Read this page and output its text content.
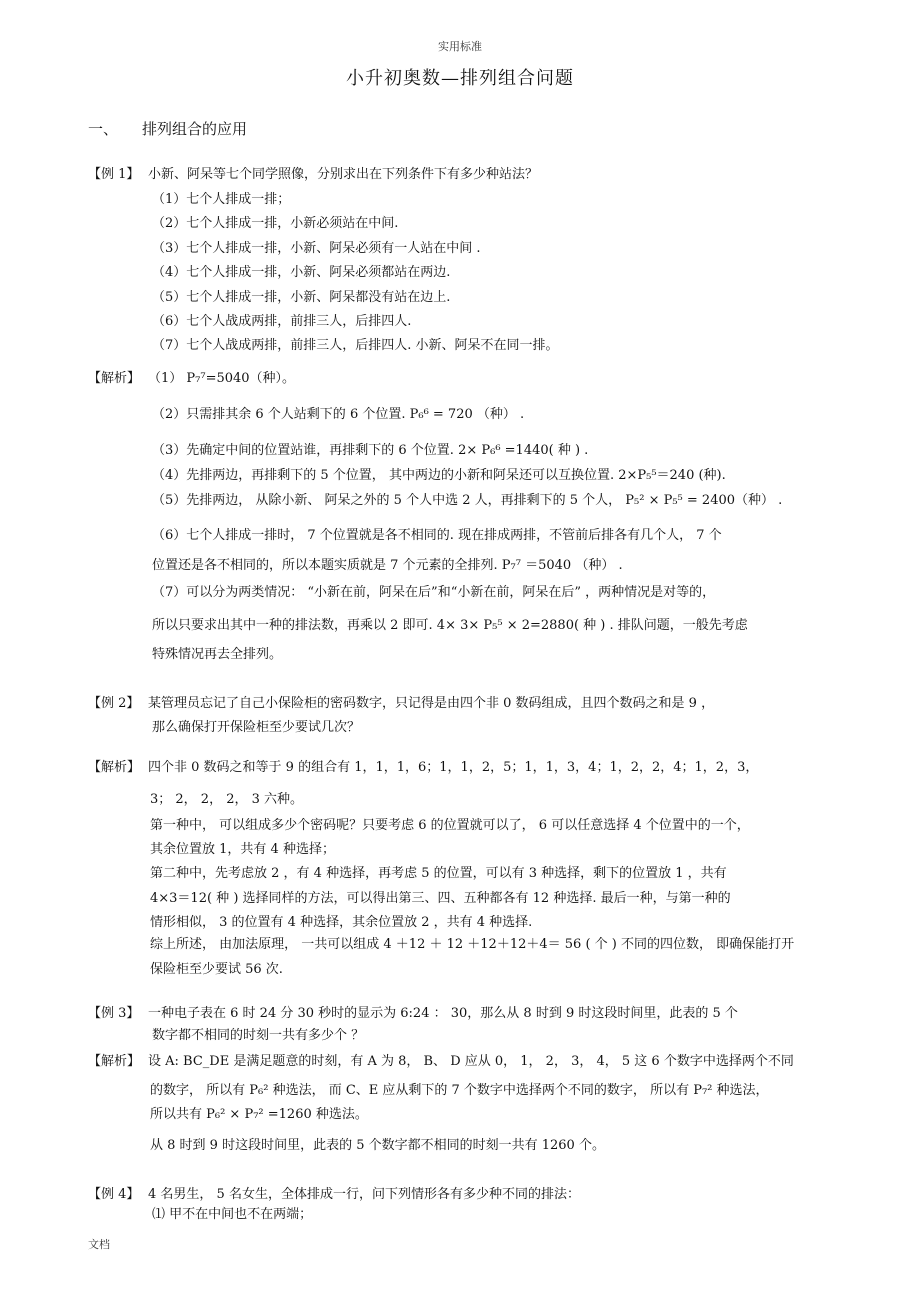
实用标准
小升初奥数—排列组合问题
一、 排列组合的应用
【例 1】 小新、阿呆等七个同学照像，分别求出在下列条件下有多少种站法？
（1）七个人排成一排；
（2）七个人排成一排，小新必须站在中间.
（3）七个人排成一排，小新、阿呆必须有一人站在中间 .
（4）七个人排成一排，小新、阿呆必须都站在两边.
（5）七个人排成一排，小新、阿呆都没有站在边上.
（6）七个人战成两排，前排三人，后排四人.
（7）七个人战成两排，前排三人，后排四人. 小新、阿呆不在同一排。
【解析】 （1） P₇⁷=5040（种）。
（2）只需排其余 6 个人站剩下的 6 个位置. P₆⁶ = 720 （种） .
（3）先确定中间的位置站谁，再排剩下的 6 个位置. 2× P₆⁶ =1440( 种 ) .
（4）先排两边，再排剩下的 5 个位置， 其中两边的小新和阿呆还可以互换位置. 2×P₅⁵＝240 (种).
（5）先排两边， 从除小新、 阿呆之外的 5 个人中选 2 人，再排剩下的 5 个人， P₅² × P₅⁵ = 2400（种） .
（6）七个人排成一排时， 7 个位置就是各不相同的. 现在排成两排，不管前后排各有几个人， 7 个
位置还是各不相同的，所以本题实质就是 7 个元素的全排列. P₇⁷ ＝5040 （种） .
（7）可以分为两类情况： “小新在前，阿呆在后”和“小新在前，阿呆在后” ，两种情况是对等的，
所以只要求出其中一种的排法数，再乘以 2 即可. 4× 3× P₅⁵ × 2=2880( 种 ) . 排队问题，一般先考虑
特殊情况再去全排列。
【例 2】 某管理员忘记了自己小保险柜的密码数字，只记得是由四个非 0 数码组成，且四个数码之和是 9 ，
那么确保打开保险柜至少要试几次？
【解析】 四个非 0 数码之和等于 9 的组合有 1，1，1，6；1，1，2，5；1，1，3，4；1，2，2，4；1，2，3，
3； 2， 2， 2， 3 六种。
第一种中， 可以组成多少个密码呢？只要考虑 6 的位置就可以了， 6 可以任意选择 4 个位置中的一个，
其余位置放 1，共有 4 种选择；
第二种中，先考虑放 2 ，有 4 种选择，再考虑 5 的位置，可以有 3 种选择，剩下的位置放 1 ，共有
4×3＝12( 种 ) 选择同样的方法，可以得出第三、四、五种都各有 12 种选择. 最后一种，与第一种的
情形相似， 3 的位置有 4 种选择，其余位置放 2 ，共有 4 种选择.
综上所述， 由加法原理， 一共可以组成 4 ＋12 ＋ 12 ＋12＋12＋4＝ 56 ( 个 ) 不同的四位数， 即确保能打开
保险柜至少要试 56 次.
【例 3】 一种电子表在 6 时 24 分 30 秒时的显示为 6:24 ： 30，那么从 8 时到 9 时这段时间里，此表的 5 个
数字都不相同的时刻一共有多少个 ？
【解析】 设 A: BC_DE 是满足题意的时刻，有 A 为 8， B、 D 应从 0， 1， 2， 3， 4， 5 这 6 个数字中选择两个不同
的数字， 所以有 P₆² 种选法， 而 C、E 应从剩下的 7 个数字中选择两个不同的数字， 所以有 P₇² 种选法，
所以共有 P₆² × P₇² =1260 种选法。
从 8 时到 9 时这段时间里，此表的 5 个数字都不相同的时刻一共有 1260 个。
【例 4】 4 名男生， 5 名女生，全体排成一行，问下列情形各有多少种不同的排法：
⑴ 甲不在中间也不在两端；
文档
